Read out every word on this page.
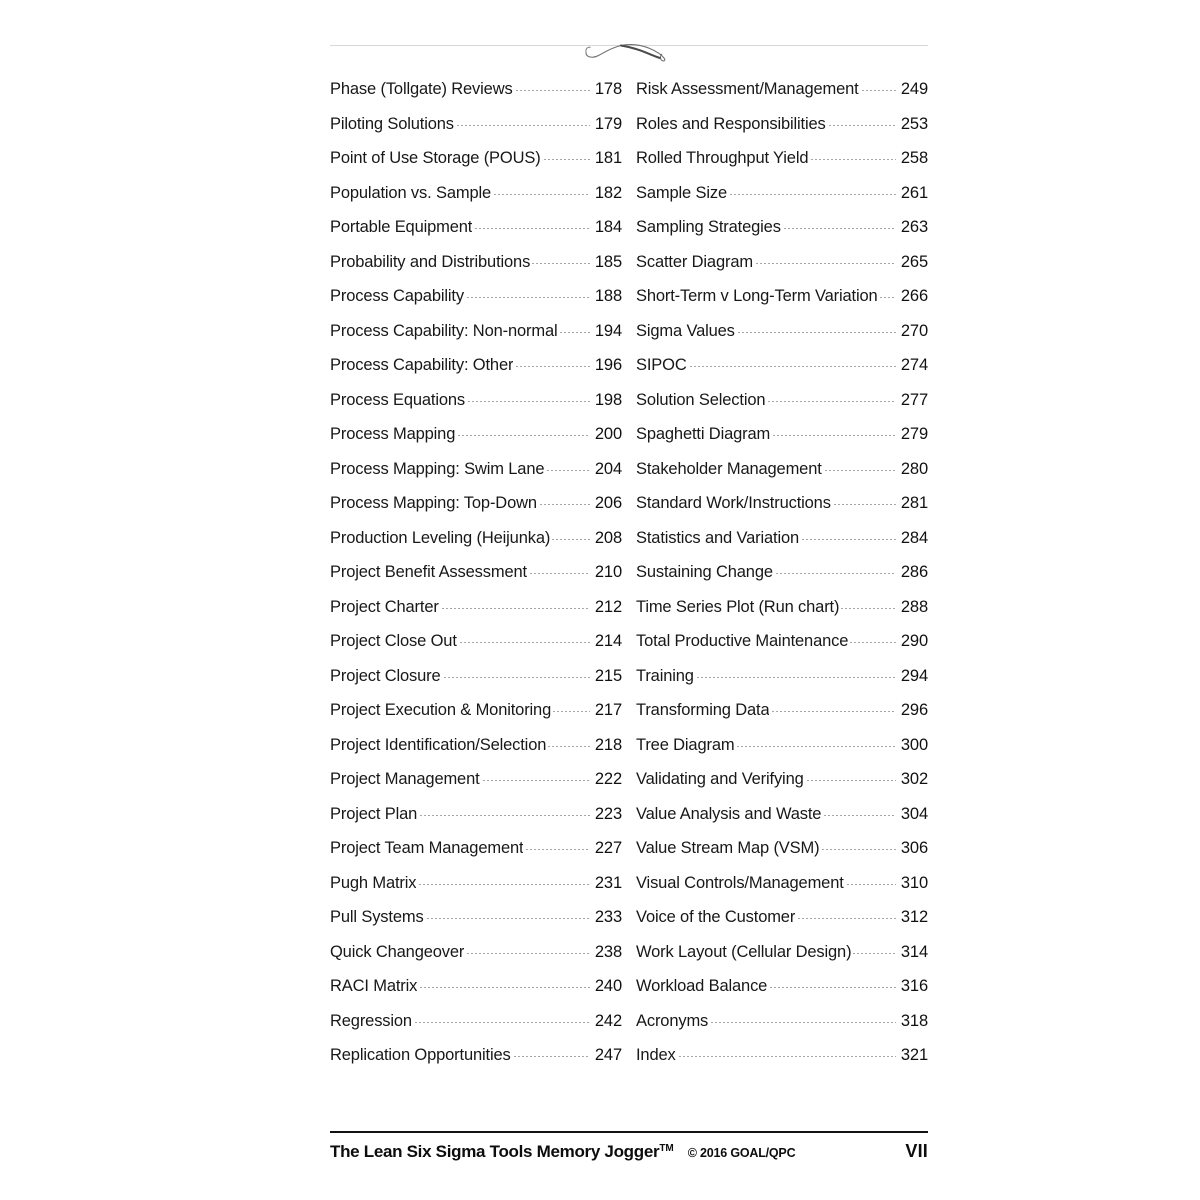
Phase (Tollgate) Reviews	178
Piloting Solutions	179
Point of Use Storage (POUS)	181
Population vs. Sample	182
Portable Equipment	184
Probability and Distributions	185
Process Capability	188
Process Capability: Non-normal 194
Process Capability: Other	196
Process Equations	198
Process Mapping	200
Process Mapping: Swim Lane	204
Process Mapping: Top-Down	206
Production Leveling (Heijunka)	208
Project Benefit Assessment	210
Project Charter	212
Project Close Out	214
Project Closure	215
Project Execution & Monitoring	217
Project Identification/Selection	218
Project Management	222
Project Plan	223
Project Team Management	227
Pugh Matrix	231
Pull Systems	233
Quick Changeover	238
RACI Matrix	240
Regression	242
Replication Opportunities	247
Risk Assessment/Management	249
Roles and Responsibilities	253
Rolled Throughput Yield	258
Sample Size	261
Sampling Strategies	263
Scatter Diagram	265
Short-Term v Long-Term Variation 266
Sigma Values	270
SIPOC	274
Solution Selection	277
Spaghetti Diagram	279
Stakeholder Management	280
Standard Work/Instructions	281
Statistics and Variation	284
Sustaining Change	286
Time Series Plot (Run chart)	288
Total Productive Maintenance	290
Training	294
Transforming Data	296
Tree Diagram	300
Validating and Verifying	302
Value Analysis and Waste	304
Value Stream Map (VSM)	306
Visual Controls/Management	310
Voice of the Customer	312
Work Layout (Cellular Design)	314
Workload Balance	316
Acronyms	318
Index	321
The Lean Six Sigma Tools Memory Jogger TM © 2016 GOAL/QPC	VII
